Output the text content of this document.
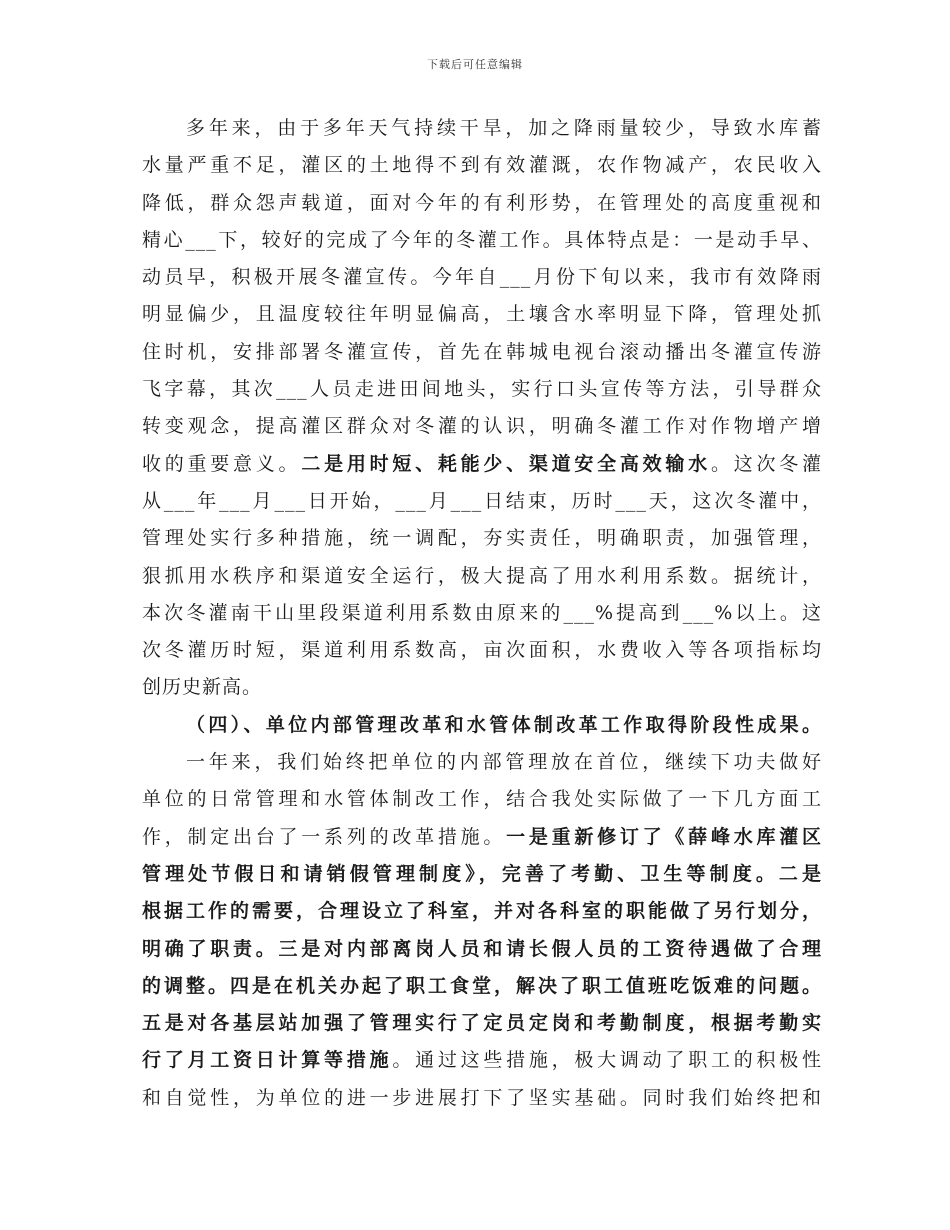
下载后可任意编辑
多年来，由于多年天气持续干旱，加之降雨量较少，导致水库蓄
水量严重不足，灌区的土地得不到有效灌溉，农作物减产，农民收入
降低，群众怨声载道，面对今年的有利形势，在管理处的高度重视和
精心___下，较好的完成了今年的冬灌工作。具体特点是：一是动手早、
动员早，积极开展冬灌宣传。今年自___月份下旬以来，我市有效降雨
明显偏少，且温度较往年明显偏高，土壤含水率明显下降，管理处抓
住时机，安排部署冬灌宣传，首先在韩城电视台滚动播出冬灌宣传游
飞字幕，其次___人员走进田间地头，实行口头宣传等方法，引导群众
转变观念，提高灌区群众对冬灌的认识，明确冬灌工作对作物增产增
收的重要意义。二是用时短、耗能少、渠道安全高效输水。这次冬灌
从___年___月___日开始，___月___日结束，历时___天，这次冬灌中，
管理处实行多种措施，统一调配，夯实责任，明确职责，加强管理，
狠抓用水秩序和渠道安全运行，极大提高了用水利用系数。据统计，
本次冬灌南干山里段渠道利用系数由原来的___%提高到___%以上。这
次冬灌历时短，渠道利用系数高，亩次面积，水费收入等各项指标均
创历史新高。
（四）、单位内部管理改革和水管体制改革工作取得阶段性成果。
一年来，我们始终把单位的内部管理放在首位，继续下功夫做好
单位的日常管理和水管体制改工作，结合我处实际做了一下几方面工
作，制定出台了一系列的改革措施。一是重新修订了《薛峰水库灌区
管理处节假日和请销假管理制度》，完善了考勤、卫生等制度。二是
根据工作的需要，合理设立了科室，并对各科室的职能做了另行划分，
明确了职责。三是对内部离岗人员和请长假人员的工资待遇做了合理
的调整。四是在机关办起了职工食堂，解决了职工值班吃饭难的问题。
五是对各基层站加强了管理实行了定员定岗和考勤制度，根据考勤实
行了月工资日计算等措施。通过这些措施，极大调动了职工的积极性
和自觉性，为单位的进一步进展打下了坚实基础。同时我们始终把和
